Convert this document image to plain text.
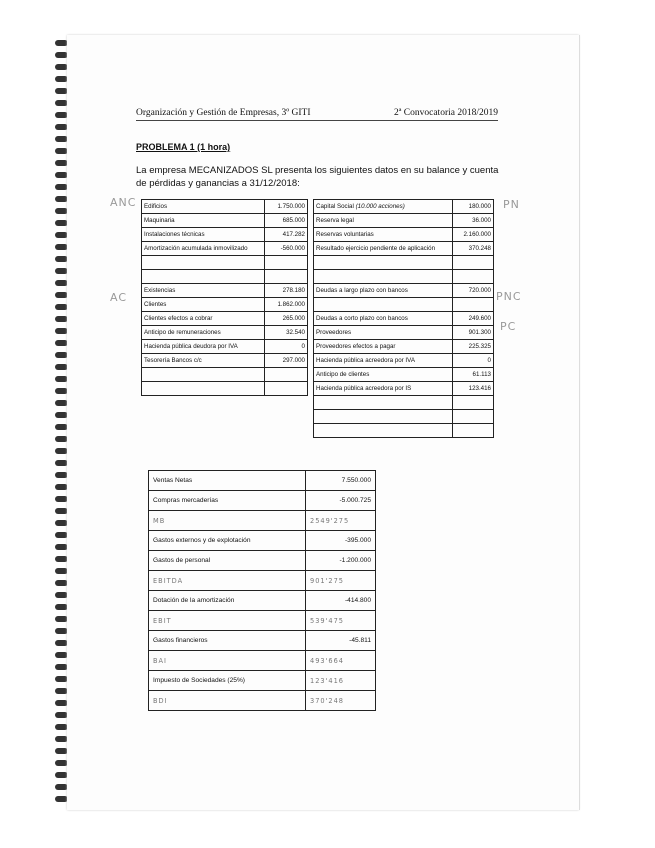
Organización y Gestión de Empresas, 3º GITI	2ª Convocatoria 2018/2019
PROBLEMA 1 (1 hora)
La empresa MECANIZADOS SL presenta los siguientes datos en su balance y cuenta de pérdidas y ganancias a 31/12/2018:
ANC	PN
AC	PNC
PC
Edificios	1.750.000
Maquinaria	685.000
Instalaciones técnicas	417.282
Amortización acumulada inmovilizado	-560.000

Existencias	278.180
Clientes	1.862.000
Clientes efectos a cobrar	265.000
Anticipo de remuneraciones	32.540
Hacienda pública deudora por IVA	0
Tesorería Bancos c/c	297.000

Capital Social (10.000 acciones)	180.000
Reserva legal	36.000
Reservas voluntarias	2.160.000
Resultado ejercicio pendiente de aplicación	370.248

Deudas a largo plazo con bancos	720.000

Deudas a corto plazo con bancos	249.600
Proveedores	901.300
Proveedores efectos a pagar	225.325
Hacienda pública acreedora por IVA	0
Anticipo de clientes	61.113
Hacienda pública acreedora por IS	123.416

Ventas Netas	7.550.000
Compras mercaderías	-5.000.725
MB	2549'275
Gastos externos y de explotación	-395.000
Gastos de personal	-1.200.000
EBITDA	901'275
Dotación de la amortización	-414.800
EBIT	539'475
Gastos financieros	-45.811
BAI	493'664
Impuesto de Sociedades (25%)	123'416
BDI	370'248
